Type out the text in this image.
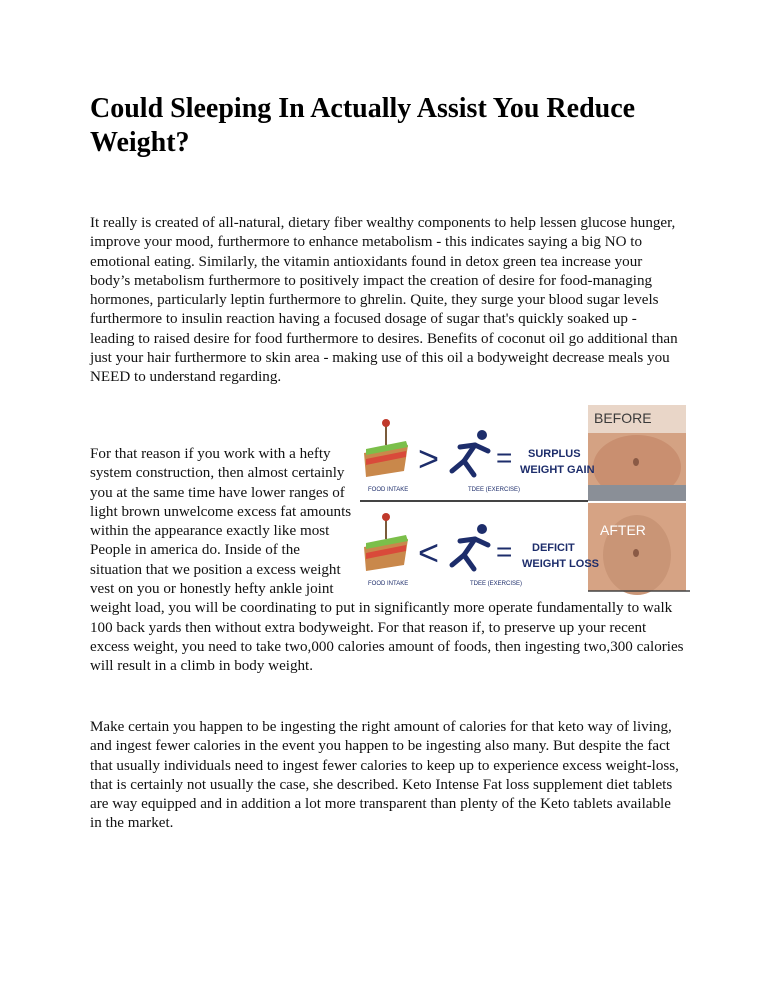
Could Sleeping In Actually Assist You Reduce Weight?

It really is created of all-natural, dietary fiber wealthy components to help lessen glucose hunger, improve your mood, furthermore to enhance metabolism - this indicates saying a big NO to emotional eating. Similarly, the vitamin antioxidants found in detox green tea increase your body’s metabolism furthermore to positively impact the creation of desire for food-managing hormones, particularly leptin furthermore to ghrelin. Quite, they surge your blood sugar levels furthermore to insulin reaction having a focused dosage of sugar that's quickly soaked up - leading to raised desire for food furthermore to desires. Benefits of coconut oil go additional than just your hair furthermore to skin area - making use of this oil a bodyweight decrease meals you NEED to understand regarding.

BEFORE
AFTER
FOOD INTAKE
>
TDEE (EXERCISE)
= SURPLUS
WEIGHT GAIN
FOOD INTAKE
<
TDEE (EXERCISE)
= DEFICIT
WEIGHT LOSS

For that reason if you work with a hefty system construction, then almost certainly you at the same time have lower ranges of light brown unwelcome excess fat amounts within the appearance exactly like most People in america do. Inside of the situation that we position a excess weight vest on you or honestly hefty ankle joint weight load, you will be coordinating to put in significantly more operate fundamentally to walk 100 back yards then without extra bodyweight. For that reason if, to preserve up your recent excess weight, you need to take two,000 calories amount of foods, then ingesting two,300 calories will result in a climb in body weight.

Make certain you happen to be ingesting the right amount of calories for that keto way of living, and ingest fewer calories in the event you happen to be ingesting also many. But despite the fact that usually individuals need to ingest fewer calories to keep up to experience excess weight-loss, that is certainly not usually the case, she described. Keto Intense Fat loss supplement diet tablets are way equipped and in addition a lot more transparent than plenty of the Keto tablets available in the market.
